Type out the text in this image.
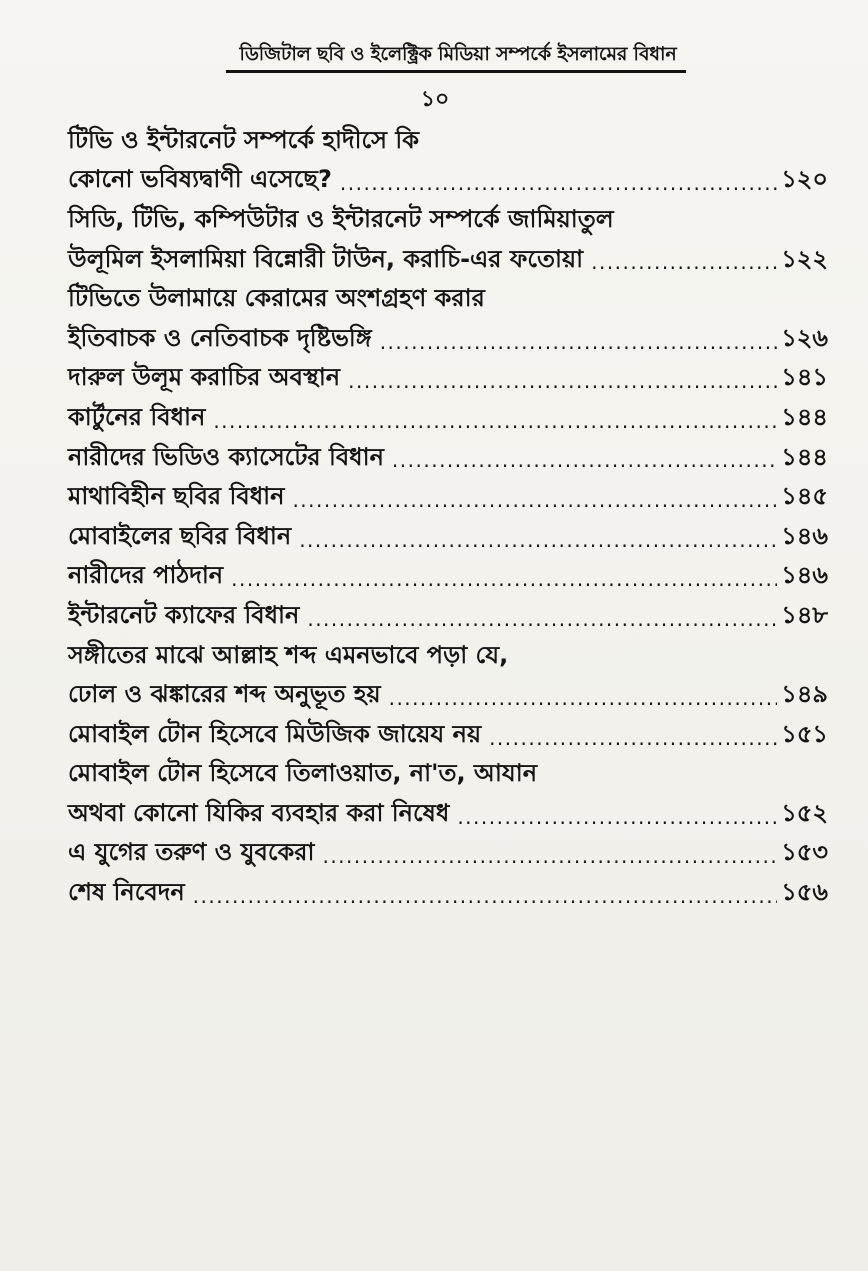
ডিজিটাল ছবি ও ইলেক্ট্রিক মিডিয়া সম্পর্কে ইসলামের বিধান
১০
টিভি ও ইন্টারনেট সম্পর্কে হাদীসে কি
কোনো ভবিষ্যদ্বাণী এসেছে? .....	১২০
সিডি, টিভি, কম্পিউটার ও ইন্টারনেট সম্পর্কে জামিয়াতুল
উলূমিল ইসলামিয়া বিন্নোরী টাউন, করাচি-এর ফতোয়া .....	১২২
টিভিতে উলামায়ে কেরামের অংশগ্রহণ করার
ইতিবাচক ও নেতিবাচক দৃষ্টিভঙ্গি .....	১২৬
দারুল উলূম করাচির অবস্থান .....	১৪১
কার্টুনের বিধান .....	১৪৪
নারীদের ভিডিও ক্যাসেটের বিধান .....	১৪৪
মাথাবিহীন ছবির বিধান .....	১৪৫
মোবাইলের ছবির বিধান .....	১৪৬
নারীদের পাঠদান .....	১৪৬
ইন্টারনেট ক্যাফের বিধান .....	১৪৮
সঙ্গীতের মাঝে আল্লাহ শব্দ এমনভাবে পড়া যে,
ঢোল ও ঝঙ্কারের শব্দ অনুভূত হয় .....	১৪৯
মোবাইল টোন হিসেবে মিউজিক জায়েয নয় .....	১৫১
মোবাইল টোন হিসেবে তিলাওয়াত, না'ত, আযান
অথবা কোনো যিকির ব্যবহার করা নিষেধ .....	১৫২
এ যুগের তরুণ ও যুবকেরা .....	১৫৩
শেষ নিবেদন .....	১৫৬
